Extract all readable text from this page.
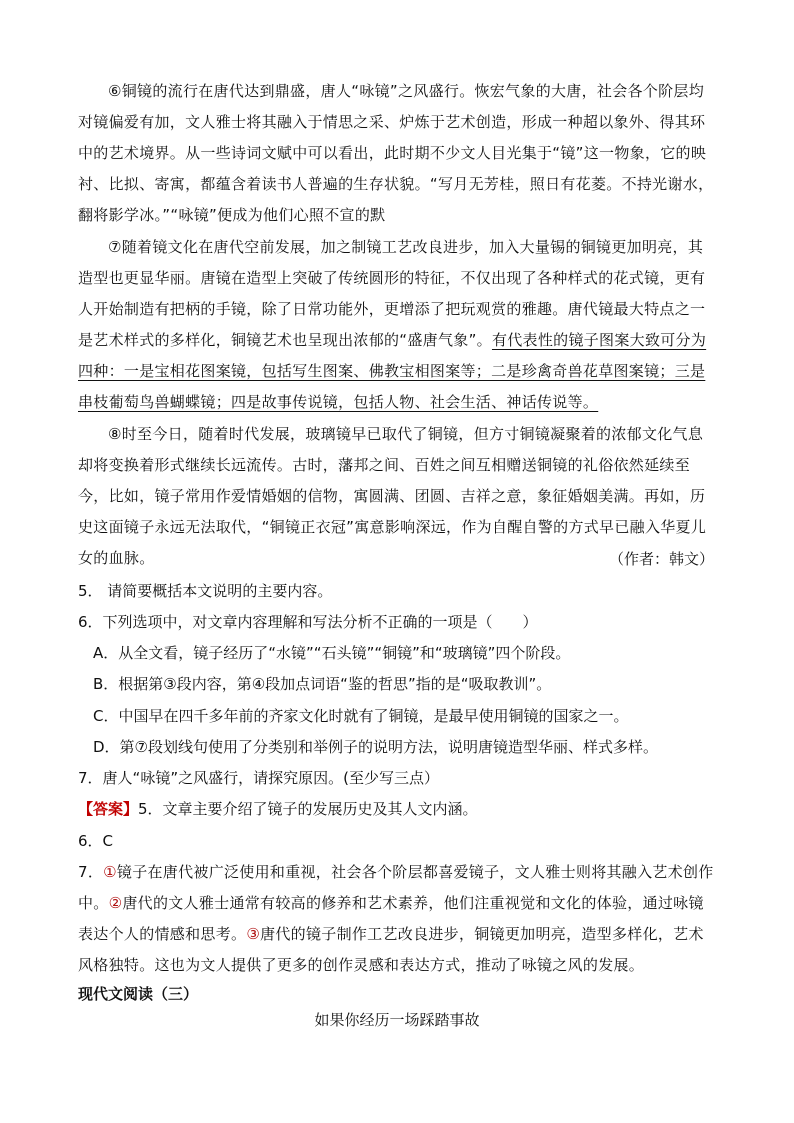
⑥铜镜的流行在唐代达到鼎盛，唐人“咏镜”之风盛行。恢宏气象的大唐，社会各个阶层均对镜偏爱有加，文人雅士将其融入于情思之采、炉炼于艺术创造，形成一种超以象外、得其环中的艺术境界。从一些诗词文赋中可以看出，此时期不少文人目光集于“镜”这一物象，它的映衬、比拟、寄寓，都蕴含着读书人普遍的生存状貌。“写月无芳桂，照日有花菱。不持光谢水，翻将影学冰。”“咏镜”便成为他们心照不宣的默

⑦随着镜文化在唐代空前发展，加之制镜工艺改良进步，加入大量锡的铜镜更加明亮，其造型也更显华丽。唐镜在造型上突破了传统圆形的特征，不仅出现了各种样式的花式镜，更有人开始制造有把柄的手镜，除了日常功能外，更增添了把玩观赏的雅趣。唐代镜最大特点之一是艺术样式的多样化，铜镜艺术也呈现出浓郁的“盛唐气象”。有代表性的镜子图案大致可分为四种：一是宝相花图案镜，包括写生图案、佛教宝相图案等；二是珍禽奇兽花草图案镜；三是串枝葡萄鸟兽蝴蝶镜；四是故事传说镜，包括人物、社会生活、神话传说等。

⑧时至今日，随着时代发展，玻璃镜早已取代了铜镜，但方寸铜镜凝聚着的浓郁文化气息却将变换着形式继续长远流传。古时，藩邦之间、百姓之间互相赠送铜镜的礼俗依然延续至今，比如，镜子常用作爱情婚姻的信物，寓圆满、团圆、吉祥之意，象征婚姻美满。再如，历史这面镜子永远无法取代，“铜镜正衣冠”寓意影响深远，作为自醒自警的方式早已融入华夏儿女的血脉。	（作者：韩文）

5． 请简要概括本文说明的主要内容。

6．下列选项中，对文章内容理解和写法分析不正确的一项是（　　）

A．从全文看，镜子经历了“水镜”“石头镜”“铜镜”和“玻璃镜”四个阶段。

B．根据第③段内容，第④段加点词语“鉴的哲思”指的是“吸取教训”。

C．中国早在四千多年前的齐家文化时就有了铜镜，是最早使用铜镜的国家之一。

D．第⑦段划线句使用了分类别和举例子的说明方法，说明唐镜造型华丽、样式多样。

7．唐人“咏镜”之风盛行，请探究原因。(至少写三点）

【答案】5．文章主要介绍了镜子的发展历史及其人文内涵。

6．C

7．①镜子在唐代被广泛使用和重视，社会各个阶层都喜爱镜子，文人雅士则将其融入艺术创作中。②唐代的文人雅士通常有较高的修养和艺术素养，他们注重视觉和文化的体验，通过咏镜表达个人的情感和思考。③唐代的镜子制作工艺改良进步，铜镜更加明亮，造型多样化，艺术风格独特。这也为文人提供了更多的创作灵感和表达方式，推动了咏镜之风的发展。

现代文阅读（三）

如果你经历一场踩踏事故
